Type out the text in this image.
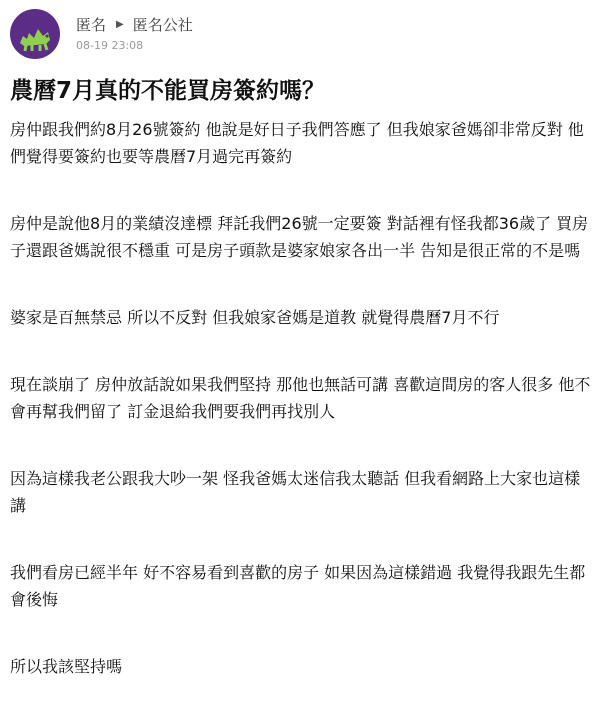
匿名 ▶ 匿名公社
08-19 23:08
農曆7月真的不能買房簽約嗎？

房仲跟我們約8月26號簽約 他說是好日子我們答應了 但我娘家爸媽卻非常反對 他們覺得要簽約也要等農曆7月過完再簽約

房仲是說他8月的業績沒達標 拜託我們26號一定要簽 對話裡有怪我都36歲了 買房子還跟爸媽說很不穩重 可是房子頭款是婆家娘家各出一半 告知是很正常的不是嗎

婆家是百無禁忌 所以不反對 但我娘家爸媽是道教 就覺得農曆7月不行

現在談崩了 房仲放話說如果我們堅持 那他也無話可講 喜歡這間房的客人很多 他不會再幫我們留了 訂金退給我們要我們再找別人

因為這樣我老公跟我大吵一架 怪我爸媽太迷信我太聽話 但我看網路上大家也這樣講

我們看房已經半年 好不容易看到喜歡的房子 如果因為這樣錯過 我覺得我跟先生都會後悔

所以我該堅持嗎
